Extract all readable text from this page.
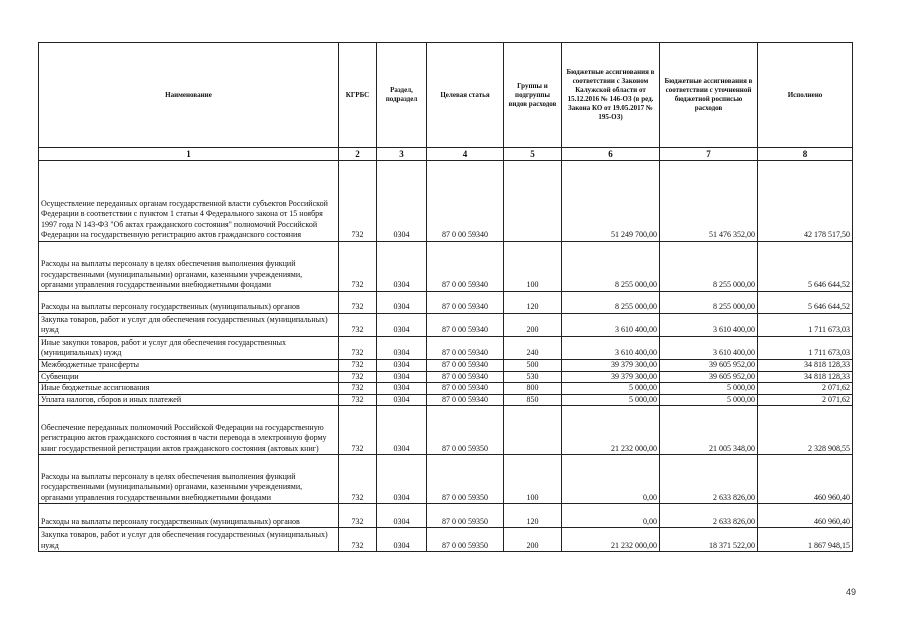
Наименование	КГРБС	Раздел, подраздел	Целевая статья	Группы и подгруппы видов расходов	Бюджетные ассигнования в соответствии с Законом Калужской области от 15.12.2016 № 146-ОЗ (в ред. Закона КО от 19.05.2017 № 195-ОЗ)	Бюджетные ассигнования в соответствии с уточненной бюджетной росписью расходов	Исполнено
1	2	3	4	5	6	7	8
Осуществление переданных органам государственной власти субъектов Российской Федерации в соответствии с пунктом 1 статьи 4 Федерального закона от 15 ноября 1997 года N 143-ФЗ "Об актах гражданского состояния" полномочий Российской Федерации на государственную регистрацию актов гражданского состояния	732	0304	87 0 00 59340		51 249 700,00	51 476 352,00	42 178 517,50
Расходы на выплаты персоналу в целях обеспечения выполнения функций государственными (муниципальными) органами, казенными учреждениями, органами управления государственными внебюджетными фондами	732	0304	87 0 00 59340	100	8 255 000,00	8 255 000,00	5 646 644,52
Расходы на выплаты персоналу государственных (муниципальных) органов	732	0304	87 0 00 59340	120	8 255 000,00	8 255 000,00	5 646 644,52
Закупка товаров, работ и услуг для обеспечения государственных (муниципальных) нужд	732	0304	87 0 00 59340	200	3 610 400,00	3 610 400,00	1 711 673,03
Иные закупки товаров, работ и услуг для обеспечения государственных (муниципальных) нужд	732	0304	87 0 00 59340	240	3 610 400,00	3 610 400,00	1 711 673,03
Межбюджетные трансферты	732	0304	87 0 00 59340	500	39 379 300,00	39 605 952,00	34 818 128,33
Субвенции	732	0304	87 0 00 59340	530	39 379 300,00	39 605 952,00	34 818 128,33
Иные бюджетные ассигнования	732	0304	87 0 00 59340	800	5 000,00	5 000,00	2 071,62
Уплата налогов, сборов и иных платежей	732	0304	87 0 00 59340	850	5 000,00	5 000,00	2 071,62
Обеспечение переданных полномочий Российской Федерации на государственную регистрацию актов гражданского состояния в части перевода в электронную форму книг государственной регистрации актов гражданского состояния (актовых книг)	732	0304	87 0 00 59350		21 232 000,00	21 005 348,00	2 328 908,55
Расходы на выплаты персоналу в целях обеспечения выполнения функций государственными (муниципальными) органами, казенными учреждениями, органами управления государственными внебюджетными фондами	732	0304	87 0 00 59350	100	0,00	2 633 826,00	460 960,40
Расходы на выплаты персоналу государственных (муниципальных) органов	732	0304	87 0 00 59350	120	0,00	2 633 826,00	460 960,40
Закупка товаров, работ и услуг для обеспечения государственных (муниципальных) нужд	732	0304	87 0 00 59350	200	21 232 000,00	18 371 522,00	1 867 948,15
49
